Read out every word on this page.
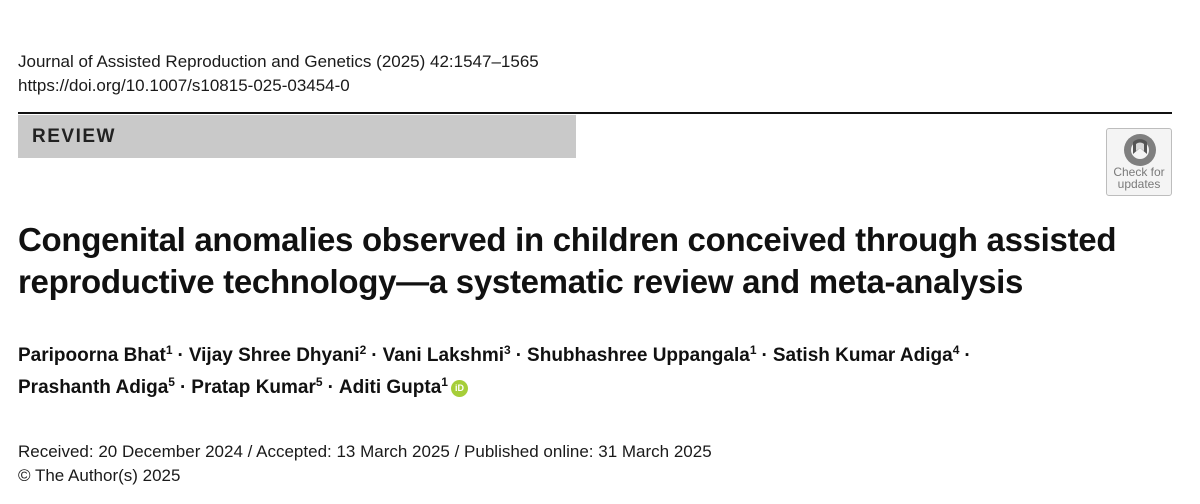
Journal of Assisted Reproduction and Genetics (2025) 42:1547–1565
https://doi.org/10.1007/s10815-025-03454-0
REVIEW
Check for
updates
Congenital anomalies observed in children conceived through assisted
reproductive technology—a systematic review and meta-analysis
Paripoorna Bhat$^1$ · Vijay Shree Dhyani$^2$ · Vani Lakshmi$^3$ · Shubhashree Uppangala$^1$ · Satish Kumar Adiga$^4$ ·
Prashanth Adiga$^5$ · Pratap Kumar$^5$ · Aditi Gupta$^1$ iD
Received: 20 December 2024 / Accepted: 13 March 2025 / Published online: 31 March 2025
© The Author(s) 2025
